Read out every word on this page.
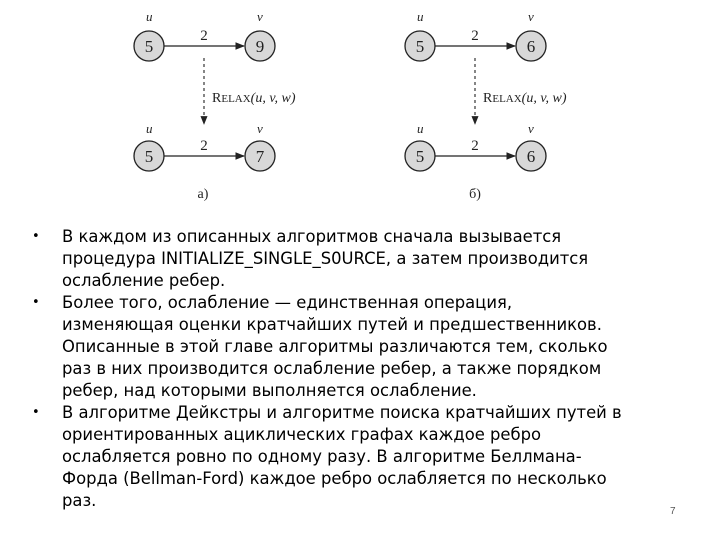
u	v
5	9
2
RELAX(u, v, w)
u	v
5	7
2
а)
u	v
5	6
2
RELAX(u, v, w)
u	v
5	6
2
б)
• В каждом из описанных алгоритмов сначала вызывается
процедура INITIALIZE_SINGLE_S0URCE, а затем производится
ослабление ребер.
• Более того, ослабление — единственная операция,
изменяющая оценки кратчайших путей и предшественников.
Описанные в этой главе алгоритмы различаются тем, сколько
раз в них производится ослабление ребер, а также порядком
ребер, над которыми выполняется ослабление.
• В алгоритме Дейкстры и алгоритме поиска кратчайших путей в
ориентированных ациклических графах каждое ребро
ослабляется ровно по одному разу. В алгоритме Беллмана-
Форда (Bellman-Ford) каждое ребро ослабляется по несколько
раз.
7
